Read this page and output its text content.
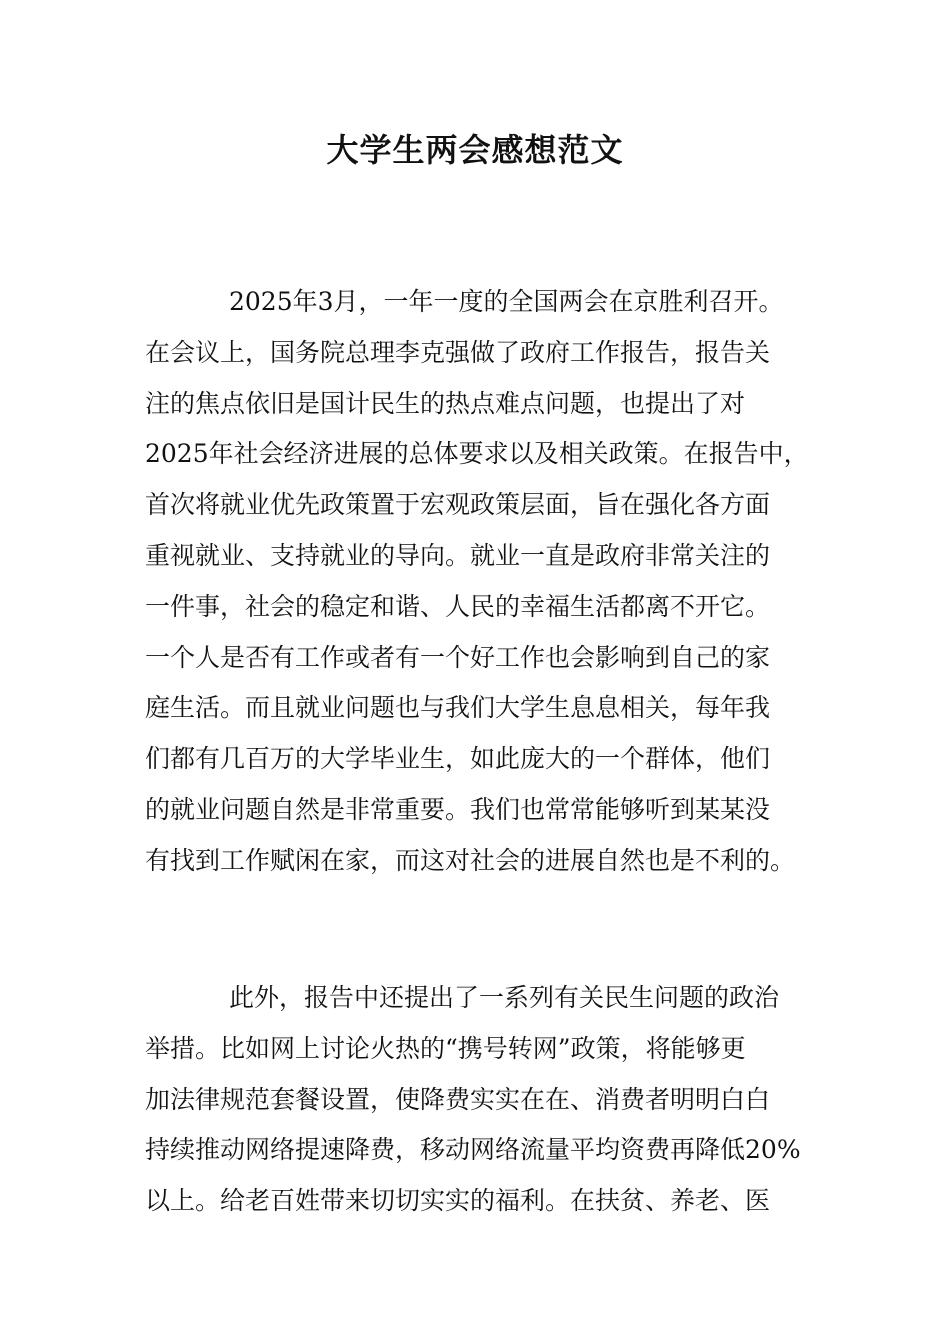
大学生两会感想范文
2025年3月，一年一度的全国两会在京胜利召开。
在会议上，国务院总理李克强做了政府工作报告，报告关
注的焦点依旧是国计民生的热点难点问题，也提出了对
2025年社会经济进展的总体要求以及相关政策。在报告中，
首次将就业优先政策置于宏观政策层面，旨在强化各方面
重视就业、支持就业的导向。就业一直是政府非常关注的
一件事，社会的稳定和谐、人民的幸福生活都离不开它。
一个人是否有工作或者有一个好工作也会影响到自己的家
庭生活。而且就业问题也与我们大学生息息相关，每年我
们都有几百万的大学毕业生，如此庞大的一个群体，他们
的就业问题自然是非常重要。我们也常常能够听到某某没
有找到工作赋闲在家，而这对社会的进展自然也是不利的。
此外，报告中还提出了一系列有关民生问题的政治
举措。比如网上讨论火热的“携号转网”政策，将能够更
加法律规范套餐设置，使降费实实在在、消费者明明白白
持续推动网络提速降费，移动网络流量平均资费再降低20%
以上。给老百姓带来切切实实的福利。在扶贫、养老、医
